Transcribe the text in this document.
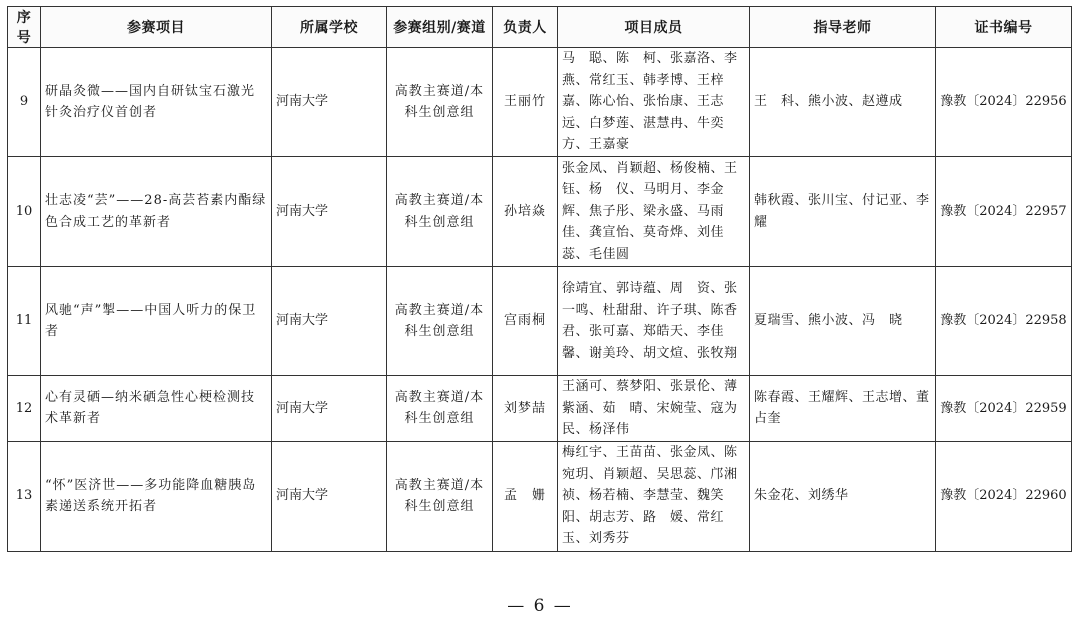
序号	参赛项目	所属学校	参赛组别/赛道	负责人	项目成员	指导老师	证书编号
9	研晶灸微——国内自研钛宝石激光针灸治疗仪首创者	河南大学	高教主赛道/本科生创意组	王丽竹	马　聪、陈　柯、张嘉洛、李　燕、常红玉、韩孝博、王梓嘉、陈心怡、张怡康、王志远、白梦莲、湛慧冉、牛奕方、王嘉豪	王　科、熊小波、赵遵成	豫教〔2024〕22956
10	壮志凌“芸”——28-高芸苔素内酯绿色合成工艺的革新者	河南大学	高教主赛道/本科生创意组	孙培焱	张金凤、肖颖超、杨俊楠、王　钰、杨　仪、马明月、李金辉、焦子彤、梁永盛、马雨佳、龚宣怡、莫奇烨、刘佳蕊、毛佳圆	韩秋霞、张川宝、付记亚、李　耀	豫教〔2024〕22957
11	风驰“声”掣——中国人听力的保卫者	河南大学	高教主赛道/本科生创意组	宫雨桐	徐靖宜、郭诗蕴、周　资、张一鸣、杜甜甜、许子琪、陈香君、张可嘉、郑皓天、李佳馨、谢美玲、胡文煊、张牧翔	夏瑞雪、熊小波、冯　晓	豫教〔2024〕22958
12	心有灵硒—纳米硒急性心梗检测技术革新者	河南大学	高教主赛道/本科生创意组	刘梦喆	王涵可、蔡梦阳、张景伦、薄紫涵、茹　晴、宋婉莹、寇为民、杨泽伟	陈春霞、王耀辉、王志增、董占奎	豫教〔2024〕22959
13	“怀”医济世——多功能降血糖胰岛素递送系统开拓者	河南大学	高教主赛道/本科生创意组	孟　姗	梅红宇、王苗苗、张金凤、陈宛玥、肖颖超、吴思蕊、邝湘祯、杨若楠、李慧莹、魏笑阳、胡志芳、路　媛、常红玉、刘秀芬	朱金花、刘绣华	豫教〔2024〕22960
— 6 —
